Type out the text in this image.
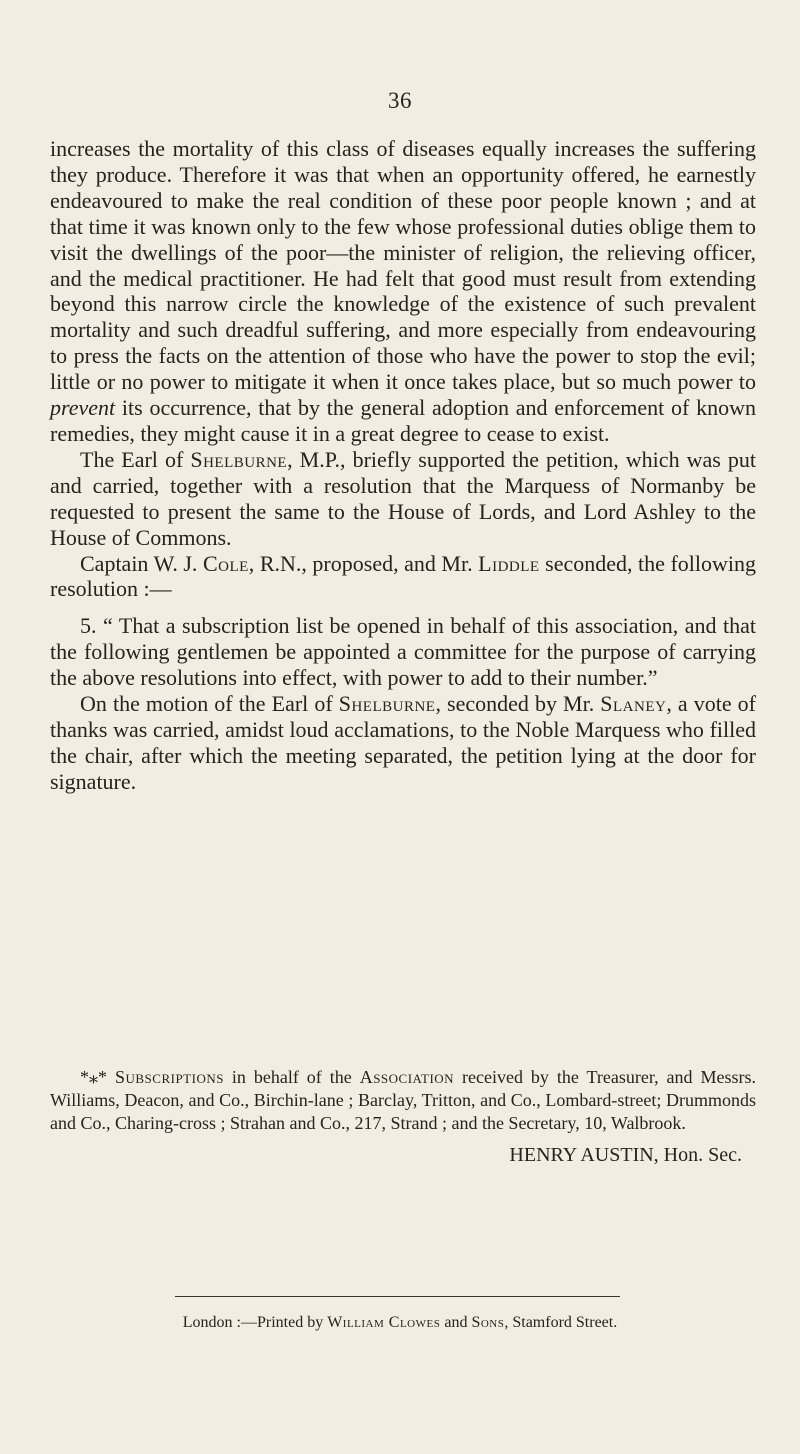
36

increases the mortality of this class of diseases equally increases the suffering they produce. Therefore it was that when an opportunity offered, he earnestly endeavoured to make the real condition of these poor people known ; and at that time it was known only to the few whose professional duties oblige them to visit the dwellings of the poor—the minister of religion, the relieving officer, and the medical practitioner. He had felt that good must result from extending beyond this narrow circle the knowledge of the existence of such prevalent mortality and such dreadful suffering, and more especially from endeavouring to press the facts on the attention of those who have the power to stop the evil; little or no power to mitigate it when it once takes place, but so much power to prevent its occurrence, that by the general adoption and enforcement of known remedies, they might cause it in a great degree to cease to exist.

The Earl of Shelburne, M.P., briefly supported the petition, which was put and carried, together with a resolution that the Marquess of Normanby be requested to present the same to the House of Lords, and Lord Ashley to the House of Commons.

Captain W. J. Cole, R.N., proposed, and Mr. Liddle seconded, the following resolution :—

5. “ That a subscription list be opened in behalf of this association, and that the following gentlemen be appointed a committee for the purpose of carrying the above resolutions into effect, with power to add to their number.”

On the motion of the Earl of Shelburne, seconded by Mr. Slaney, a vote of thanks was carried, amidst loud acclamations, to the Noble Marquess who filled the chair, after which the meeting separated, the petition lying at the door for signature.

*⁎* Subscriptions in behalf of the Association received by the Treasurer, and Messrs. Williams, Deacon, and Co., Birchin-lane ; Barclay, Tritton, and Co., Lombard-street; Drummonds and Co., Charing-cross ; Strahan and Co., 217, Strand ; and the Secretary, 10, Walbrook.

HENRY AUSTIN, Hon. Sec.

London :—Printed by William Clowes and Sons, Stamford Street.
